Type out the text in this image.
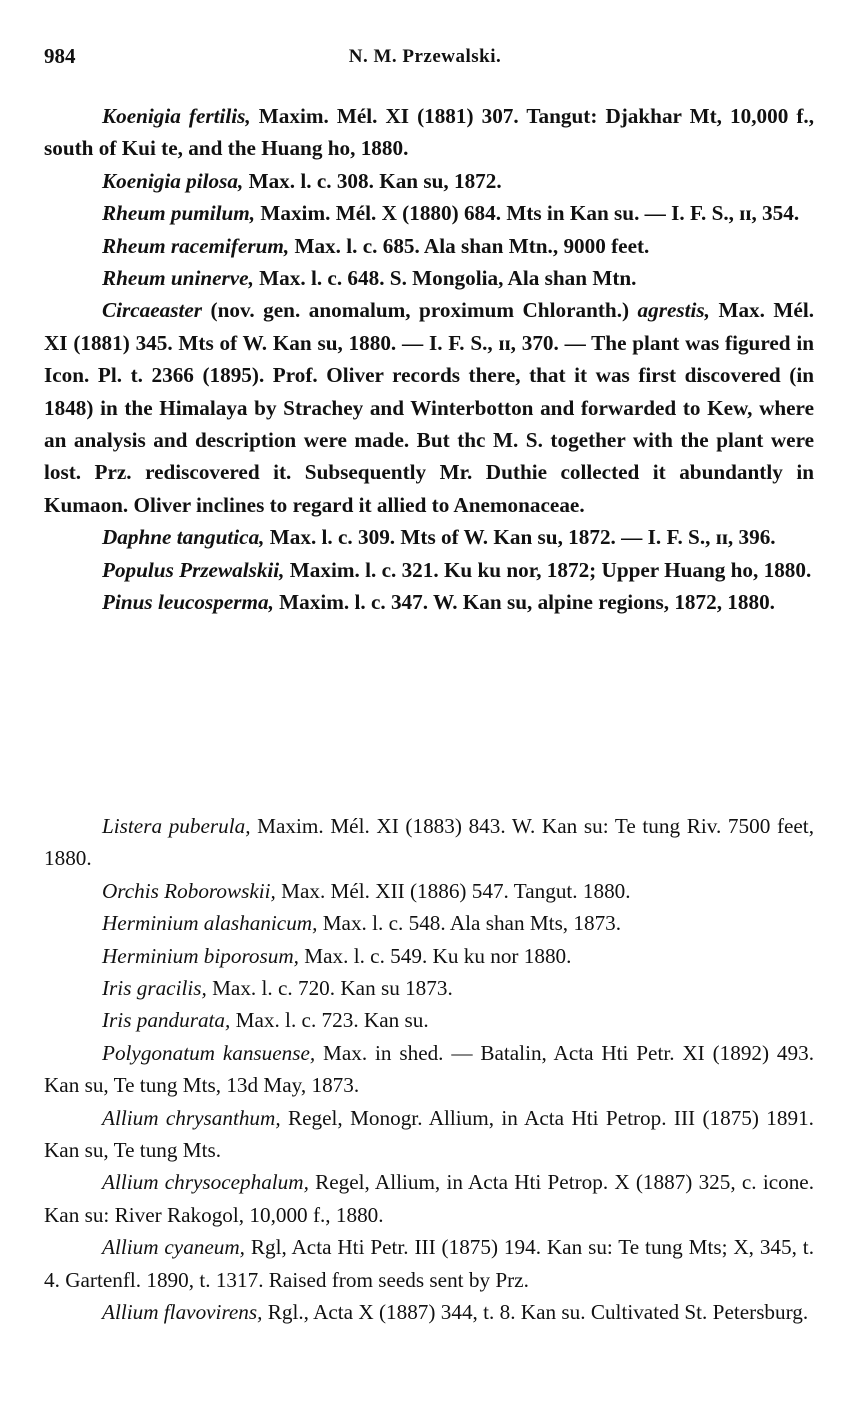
984	N. M. Przewalski.

Koenigia fertilis, Maxim. Mél. XI (1881) 307. Tangut: Djakhar Mt, 10,000 f., south of Kui te, and the Huang ho, 1880.

Koenigia pilosa, Max. l. c. 308. Kan su, 1872.

Rheum pumilum, Maxim. Mél. X (1880) 684. Mts in Kan su. — I. F. S., ɪɪ, 354.

Rheum racemiferum, Max. l. c. 685. Ala shan Mtn., 9000 feet.

Rheum uninerve, Max. l. c. 648. S. Mongolia, Ala shan Mtn.

Circaeaster (nov. gen. anomalum, proximum Chloranth.) agrestis, Max. Mél. XI (1881) 345. Mts of W. Kan su, 1880. — I. F. S., ɪɪ, 370. — The plant was figured in Icon. Pl. t. 2366 (1895). Prof. Oliver records there, that it was first discovered (in 1848) in the Himalaya by Strachey and Winterbotton and forwarded to Kew, where an analysis and description were made. But thc M. S. together with the plant were lost. Prz. rediscovered it. Subsequently Mr. Duthie collected it abundantly in Kumaon. Oliver inclines to regard it allied to Anemonaceae.

Daphne tangutica, Max. l. c. 309. Mts of W. Kan su, 1872. — I. F. S., ɪɪ, 396.

Populus Przewalskii, Maxim. l. c. 321. Ku ku nor, 1872; Upper Huang ho, 1880.

Pinus leucosperma, Maxim. l. c. 347. W. Kan su, alpine regions, 1872, 1880.

Listera puberula, Maxim. Mél. XI (1883) 843. W. Kan su: Te tung Riv. 7500 feet, 1880.

Orchis Roborowskii, Max. Mél. XII (1886) 547. Tangut. 1880.

Herminium alashanicum, Max. l. c. 548. Ala shan Mts, 1873.

Herminium biporosum, Max. l. c. 549. Ku ku nor 1880.

Iris gracilis, Max. l. c. 720. Kan su 1873.

Iris pandurata, Max. l. c. 723. Kan su.

Polygonatum kansuense, Max. in shed. — Batalin, Acta Hti Petr. XI (1892) 493. Kan su, Te tung Mts, 13d May, 1873.

Allium chrysanthum, Regel, Monogr. Allium, in Acta Hti Petrop. III (1875) 1891. Kan su, Te tung Mts.

Allium chrysocephalum, Regel, Allium, in Acta Hti Petrop. X (1887) 325, c. icone. Kan su: River Rakogol, 10,000 f., 1880.

Allium cyaneum, Rgl, Acta Hti Petr. III (1875) 194. Kan su: Te tung Mts; X, 345, t. 4. Gartenfl. 1890, t. 1317. Raised from seeds sent by Prz.

Allium flavovirens, Rgl., Acta X (1887) 344, t. 8. Kan su. Cultivated St. Petersburg.
